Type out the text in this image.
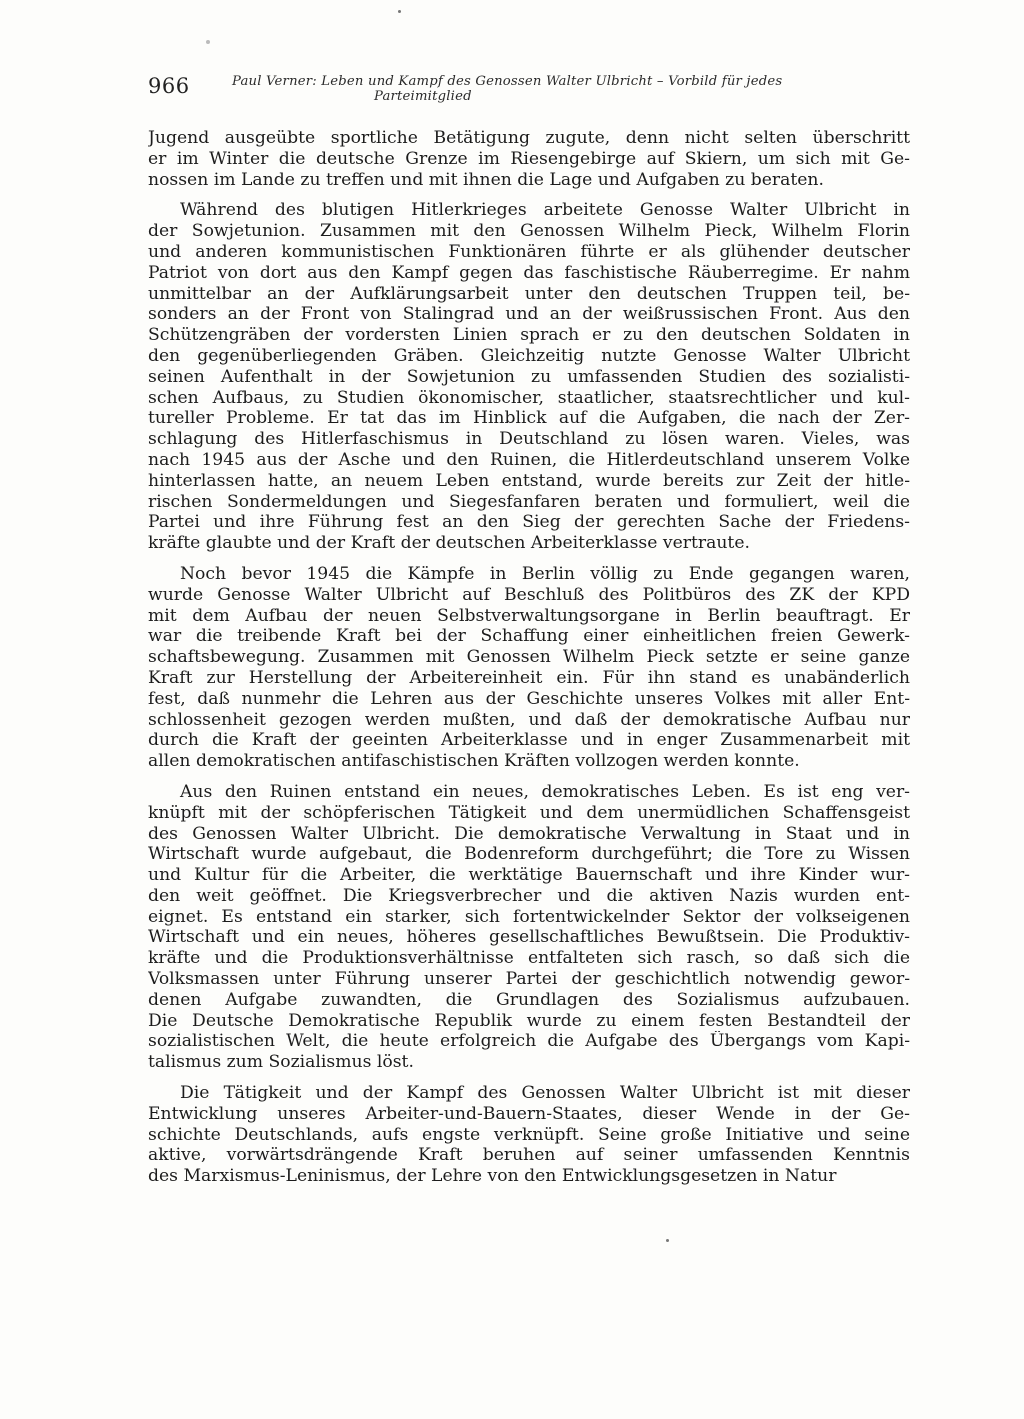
966	Paul Verner: Leben und Kampf des Genossen Walter Ulbricht – Vorbild für jedes
Parteimitglied
Jugend ausgeübte sportliche Betätigung zugute, denn nicht selten überschritt
er im Winter die deutsche Grenze im Riesengebirge auf Skiern, um sich mit Ge-
nossen im Lande zu treffen und mit ihnen die Lage und Aufgaben zu beraten.
Während des blutigen Hitlerkrieges arbeitete Genosse Walter Ulbricht in
der Sowjetunion. Zusammen mit den Genossen Wilhelm Pieck, Wilhelm Florin
und anderen kommunistischen Funktionären führte er als glühender deutscher
Patriot von dort aus den Kampf gegen das faschistische Räuberregime. Er nahm
unmittelbar an der Aufklärungsarbeit unter den deutschen Truppen teil, be-
sonders an der Front von Stalingrad und an der weißrussischen Front. Aus den
Schützengräben der vordersten Linien sprach er zu den deutschen Soldaten in
den gegenüberliegenden Gräben. Gleichzeitig nutzte Genosse Walter Ulbricht
seinen Aufenthalt in der Sowjetunion zu umfassenden Studien des sozialisti-
schen Aufbaus, zu Studien ökonomischer, staatlicher, staatsrechtlicher und kul-
tureller Probleme. Er tat das im Hinblick auf die Aufgaben, die nach der Zer-
schlagung des Hitlerfaschismus in Deutschland zu lösen waren. Vieles, was
nach 1945 aus der Asche und den Ruinen, die Hitlerdeutschland unserem Volke
hinterlassen hatte, an neuem Leben entstand, wurde bereits zur Zeit der hitle-
rischen Sondermeldungen und Siegesfanfaren beraten und formuliert, weil die
Partei und ihre Führung fest an den Sieg der gerechten Sache der Friedens-
kräfte glaubte und der Kraft der deutschen Arbeiterklasse vertraute.
Noch bevor 1945 die Kämpfe in Berlin völlig zu Ende gegangen waren,
wurde Genosse Walter Ulbricht auf Beschluß des Politbüros des ZK der KPD
mit dem Aufbau der neuen Selbstverwaltungsorgane in Berlin beauftragt. Er
war die treibende Kraft bei der Schaffung einer einheitlichen freien Gewerk-
schaftsbewegung. Zusammen mit Genossen Wilhelm Pieck setzte er seine ganze
Kraft zur Herstellung der Arbeitereinheit ein. Für ihn stand es unabänderlich
fest, daß nunmehr die Lehren aus der Geschichte unseres Volkes mit aller Ent-
schlossenheit gezogen werden mußten, und daß der demokratische Aufbau nur
durch die Kraft der geeinten Arbeiterklasse und in enger Zusammenarbeit mit
allen demokratischen antifaschistischen Kräften vollzogen werden konnte.
Aus den Ruinen entstand ein neues, demokratisches Leben. Es ist eng ver-
knüpft mit der schöpferischen Tätigkeit und dem unermüdlichen Schaffensgeist
des Genossen Walter Ulbricht. Die demokratische Verwaltung in Staat und in
Wirtschaft wurde aufgebaut, die Bodenreform durchgeführt; die Tore zu Wissen
und Kultur für die Arbeiter, die werktätige Bauernschaft und ihre Kinder wur-
den weit geöffnet. Die Kriegsverbrecher und die aktiven Nazis wurden ent-
eignet. Es entstand ein starker, sich fortentwickelnder Sektor der volkseigenen
Wirtschaft und ein neues, höheres gesellschaftliches Bewußtsein. Die Produktiv-
kräfte und die Produktionsverhältnisse entfalteten sich rasch, so daß sich die
Volksmassen unter Führung unserer Partei der geschichtlich notwendig gewor-
denen Aufgabe zuwandten, die Grundlagen des Sozialismus aufzubauen.
Die Deutsche Demokratische Republik wurde zu einem festen Bestandteil der
sozialistischen Welt, die heute erfolgreich die Aufgabe des Übergangs vom Kapi-
talismus zum Sozialismus löst.
Die Tätigkeit und der Kampf des Genossen Walter Ulbricht ist mit dieser
Entwicklung unseres Arbeiter-und-Bauern-Staates, dieser Wende in der Ge-
schichte Deutschlands, aufs engste verknüpft. Seine große Initiative und seine
aktive, vorwärtsdrängende Kraft beruhen auf seiner umfassenden Kenntnis
des Marxismus-Leninismus, der Lehre von den Entwicklungsgesetzen in Natur
